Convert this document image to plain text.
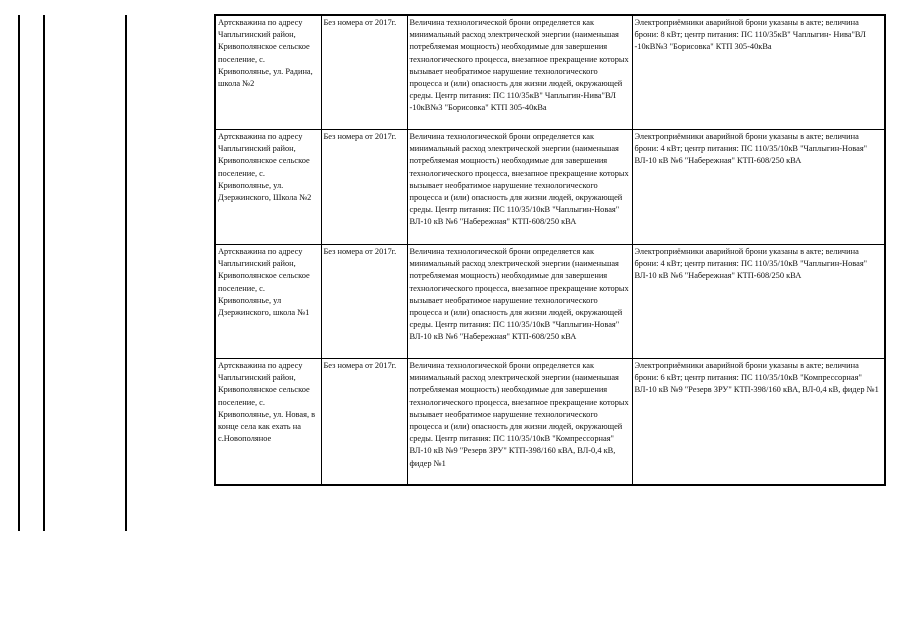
Артскважина по адресу Чаплыгинский район, Кривополянское сельское поселение, с. Кривополянье, ул. Радина, школа №2	Без номера от 2017г.	Величина технологической брони определяется как минимальный расход электрической энергии (наименьшая потребляемая мощность) необходимые для завершения технологического процесса, внезапное прекращение которых вызывает необратимое нарушение технологического процесса и (или) опасность для жизни людей, окружающей среды. Центр питания: ПС 110/35кВ" Чаплыгин-Нива"ВЛ -10кВ№3 "Борисовка" КТП 305-40кВа	Электроприёмники аварийной брони указаны в акте; величина брони: 8 кВт; центр питания: ПС 110/35кВ" Чаплыгин- Нива"ВЛ -10кВ№3 "Борисовка" КТП 305-40кВа
Артскважина по адресу Чаплыгинский район, Кривополянское сельское поселение, с. Кривополянье, ул. Дзержинского, Школа №2	Без номера от 2017г.	Величина технологической брони определяется как минимальный расход электрической энергии (наименьшая потребляемая мощность) необходимые для завершения технологического процесса, внезапное прекращение которых вызывает необратимое нарушение технологического процесса и (или) опасность для жизни людей, окружающей среды. Центр питания: ПС 110/35/10кВ "Чаплыгин-Новая" ВЛ-10 кВ №6 "Набережная" КТП-608/250 кВА	Электроприёмники аварийной брони указаны в акте; величина брони: 4 кВт; центр питания: ПС 110/35/10кВ "Чаплыгин-Новая" ВЛ-10 кВ №6 "Набережная" КТП-608/250 кВА
Артскважина по адресу Чаплыгинский район, Кривополянское сельское поселение, с. Кривополянье, ул Дзержинского, школа №1	Без номера от 2017г.	Величина технологической брони определяется как минимальный расход электрической энергии (наименьшая потребляемая мощность) необходимые для завершения технологического процесса, внезапное прекращение которых вызывает необратимое нарушение технологического процесса и (или) опасность для жизни людей, окружающей среды. Центр питания: ПС 110/35/10кВ "Чаплыгин-Новая" ВЛ-10 кВ №6 "Набережная" КТП-608/250 кВА	Электроприёмники аварийной брони указаны в акте; величина брони: 4 кВт; центр питания: ПС 110/35/10кВ "Чаплыгин-Новая" ВЛ-10 кВ №6 "Набережная" КТП-608/250 кВА
Артскважина по адресу Чаплыгинский район, Кривополянское сельское поселение, с. Кривополянье, ул. Новая, в конце села как ехать на с.Новополяное	Без номера от 2017г.	Величина технологической брони определяется как минимальный расход электрической энергии (наименьшая потребляемая мощность) необходимые для завершения технологического процесса, внезапное прекращение которых вызывает необратимое нарушение технологического процесса и (или) опасность для жизни людей, окружающей среды. Центр питания: ПС 110/35/10кВ "Компрессорная" ВЛ-10 кВ №9 "Резерв ЗРУ" КТП-398/160 кВА, ВЛ-0,4 кВ, фидер №1	Электроприёмники аварийной брони указаны в акте; величина брони: 6 кВт; центр питания: ПС 110/35/10кВ "Компрессорная" ВЛ-10 кВ №9 "Резерв ЗРУ" КТП-398/160 кВА, ВЛ-0,4 кВ, фидер №1
